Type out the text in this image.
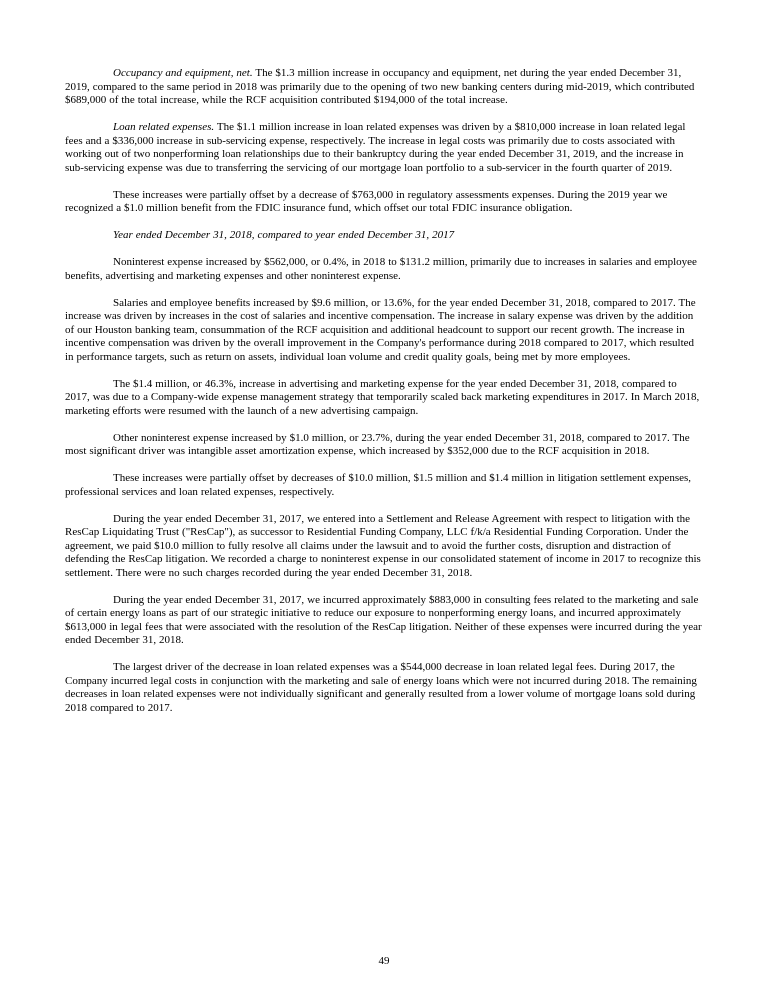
Occupancy and equipment, net. The $1.3 million increase in occupancy and equipment, net during the year ended December 31, 2019, compared to the same period in 2018 was primarily due to the opening of two new banking centers during mid-2019, which contributed $689,000 of the total increase, while the RCF acquisition contributed $194,000 of the total increase.

Loan related expenses. The $1.1 million increase in loan related expenses was driven by a $810,000 increase in loan related legal fees and a $336,000 increase in sub-servicing expense, respectively. The increase in legal costs was primarily due to costs associated with working out of two nonperforming loan relationships due to their bankruptcy during the year ended December 31, 2019, and the increase in sub-servicing expense was due to transferring the servicing of our mortgage loan portfolio to a sub-servicer in the fourth quarter of 2019.

These increases were partially offset by a decrease of $763,000 in regulatory assessments expenses. During the 2019 year we recognized a $1.0 million benefit from the FDIC insurance fund, which offset our total FDIC insurance obligation.

Year ended December 31, 2018, compared to year ended December 31, 2017

Noninterest expense increased by $562,000, or 0.4%, in 2018 to $131.2 million, primarily due to increases in salaries and employee benefits, advertising and marketing expenses and other noninterest expense.

Salaries and employee benefits increased by $9.6 million, or 13.6%, for the year ended December 31, 2018, compared to 2017. The increase was driven by increases in the cost of salaries and incentive compensation. The increase in salary expense was driven by the addition of our Houston banking team, consummation of the RCF acquisition and additional headcount to support our recent growth. The increase in incentive compensation was driven by the overall improvement in the Company's performance during 2018 compared to 2017, which resulted in performance targets, such as return on assets, individual loan volume and credit quality goals, being met by more employees.

The $1.4 million, or 46.3%, increase in advertising and marketing expense for the year ended December 31, 2018, compared to 2017, was due to a Company-wide expense management strategy that temporarily scaled back marketing expenditures in 2017. In March 2018, marketing efforts were resumed with the launch of a new advertising campaign.

Other noninterest expense increased by $1.0 million, or 23.7%, during the year ended December 31, 2018, compared to 2017. The most significant driver was intangible asset amortization expense, which increased by $352,000 due to the RCF acquisition in 2018.

These increases were partially offset by decreases of $10.0 million, $1.5 million and $1.4 million in litigation settlement expenses, professional services and loan related expenses, respectively.

During the year ended December 31, 2017, we entered into a Settlement and Release Agreement with respect to litigation with the ResCap Liquidating Trust ("ResCap"), as successor to Residential Funding Company, LLC f/k/a Residential Funding Corporation. Under the agreement, we paid $10.0 million to fully resolve all claims under the lawsuit and to avoid the further costs, disruption and distraction of defending the ResCap litigation. We recorded a charge to noninterest expense in our consolidated statement of income in 2017 to recognize this settlement. There were no such charges recorded during the year ended December 31, 2018.

During the year ended December 31, 2017, we incurred approximately $883,000 in consulting fees related to the marketing and sale of certain energy loans as part of our strategic initiative to reduce our exposure to nonperforming energy loans, and incurred approximately $613,000 in legal fees that were associated with the resolution of the ResCap litigation. Neither of these expenses were incurred during the year ended December 31, 2018.

The largest driver of the decrease in loan related expenses was a $544,000 decrease in loan related legal fees. During 2017, the Company incurred legal costs in conjunction with the marketing and sale of energy loans which were not incurred during 2018. The remaining decreases in loan related expenses were not individually significant and generally resulted from a lower volume of mortgage loans sold during 2018 compared to 2017.

49
